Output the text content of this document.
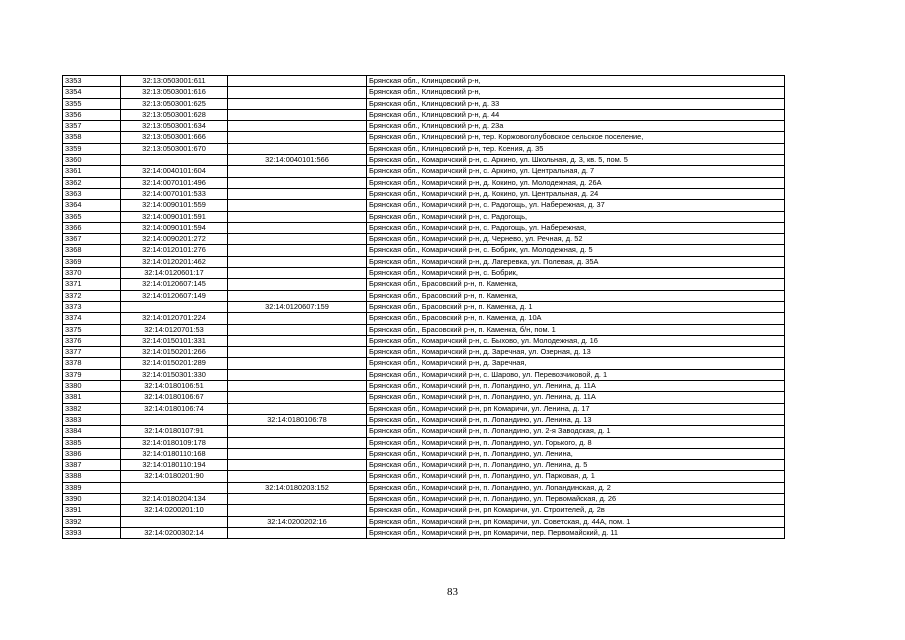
3353	32:13:0503001:611		Брянская обл., Клинцовский р-н,
3354	32:13:0503001:616		Брянская обл., Клинцовский р-н,
3355	32:13:0503001:625		Брянская обл., Клинцовский р-н, д. 33
3356	32:13:0503001:628		Брянская обл., Клинцовский р-н, д. 44
3357	32:13:0503001:634		Брянская обл., Клинцовский р-н, д. 23а
3358	32:13:0503001:666		Брянская обл., Клинцовский р-н, тер. Коржовоголубовское сельское поселение,
3359	32:13:0503001:670		Брянская обл., Клинцовский р-н, тер. Ксения, д. 35
3360		32:14:0040101:566	Брянская обл., Комаричский р-н, с. Аркино, ул. Школьная, д. 3, кв. 5, пом. 5
3361	32:14:0040101:604		Брянская обл., Комаричский р-н, с. Аркино, ул. Центральная, д. 7
3362	32:14:0070101:496		Брянская обл., Комаричский р-н, д. Кокино, ул. Молодежная, д. 26А
3363	32:14:0070101:533		Брянская обл., Комаричский р-н, д. Кокино, ул. Центральная, д. 24
3364	32:14:0090101:559		Брянская обл., Комаричский р-н, с. Радогощь, ул. Набережная, д. 37
3365	32:14:0090101:591		Брянская обл., Комаричский р-н, с. Радогощь,
3366	32:14:0090101:594		Брянская обл., Комаричский р-н, с. Радогощь, ул. Набережная,
3367	32:14:0090201:272		Брянская обл., Комаричский р-н, д. Чернево, ул. Речная, д. 52
3368	32:14:0120101:276		Брянская обл., Комаричский р-н, с. Бобрик, ул. Молодежная, д. 5
3369	32:14:0120201:462		Брянская обл., Комаричский р-н, д. Лагеревка, ул. Полевая, д. 35А
3370	32:14:0120601:17		Брянская обл., Комаричский р-н, с. Бобрик,
3371	32:14:0120607:145		Брянская обл., Брасовский р-н, п. Каменка,
3372	32:14:0120607:149		Брянская обл., Брасовский р-н, п. Каменка,
3373		32:14:0120607:159	Брянская обл., Брасовский р-н, п. Каменка, д. 1
3374	32:14:0120701:224		Брянская обл., Брасовский р-н, п. Каменка, д. 10А
3375	32:14:0120701:53		Брянская обл., Брасовский р-н, п. Каменка, б/н, пом. 1
3376	32:14:0150101:331		Брянская обл., Комаричский р-н, с. Быхово, ул. Молодежная, д. 16
3377	32:14:0150201:266		Брянская обл., Комаричский р-н, д. Заречная, ул. Озерная, д. 13
3378	32:14:0150201:289		Брянская обл., Комаричский р-н, д. Заречная,
3379	32:14:0150301:330		Брянская обл., Комаричский р-н, с. Шарово, ул. Перевозчиковой, д. 1
3380	32:14:0180106:51		Брянская обл., Комаричский р-н, п. Лопандино, ул. Ленина, д. 11А
3381	32:14:0180106:67		Брянская обл., Комаричский р-н, п. Лопандино, ул. Ленина, д. 11А
3382	32:14:0180106:74		Брянская обл., Комаричский р-н, рп Комаричи, ул. Ленина, д. 17
3383		32:14:0180106:78	Брянская обл., Комаричский р-н, п. Лопандино, ул. Ленина, д. 13
3384	32:14:0180107:91		Брянская обл., Комаричский р-н, п. Лопандино, ул. 2-я Заводская, д. 1
3385	32:14:0180109:178		Брянская обл., Комаричский р-н, п. Лопандино, ул. Горького, д. 8
3386	32:14:0180110:168		Брянская обл., Комаричский р-н, п. Лопандино, ул. Ленина,
3387	32:14:0180110:194		Брянская обл., Комаричский р-н, п. Лопандино, ул. Ленина, д. 5
3388	32:14:0180201:90		Брянская обл., Комаричский р-н, п. Лопандино, ул. Парковая, д. 1
3389		32:14:0180203:152	Брянская обл., Комаричский р-н, п. Лопандино, ул. Лопандинская, д. 2
3390	32:14:0180204:134		Брянская обл., Комаричский р-н, п. Лопандино, ул. Первомайская, д. 26
3391	32:14:0200201:10		Брянская обл., Комаричский р-н, рп Комаричи, ул. Строителей, д. 2в
3392		32:14:0200202:16	Брянская обл., Комаричский р-н, рп Комаричи, ул. Советская, д. 44А, пом. 1
3393	32:14:0200302:14		Брянская обл., Комаричский р-н, рп Комаричи, пер. Первомайский, д. 11
83
